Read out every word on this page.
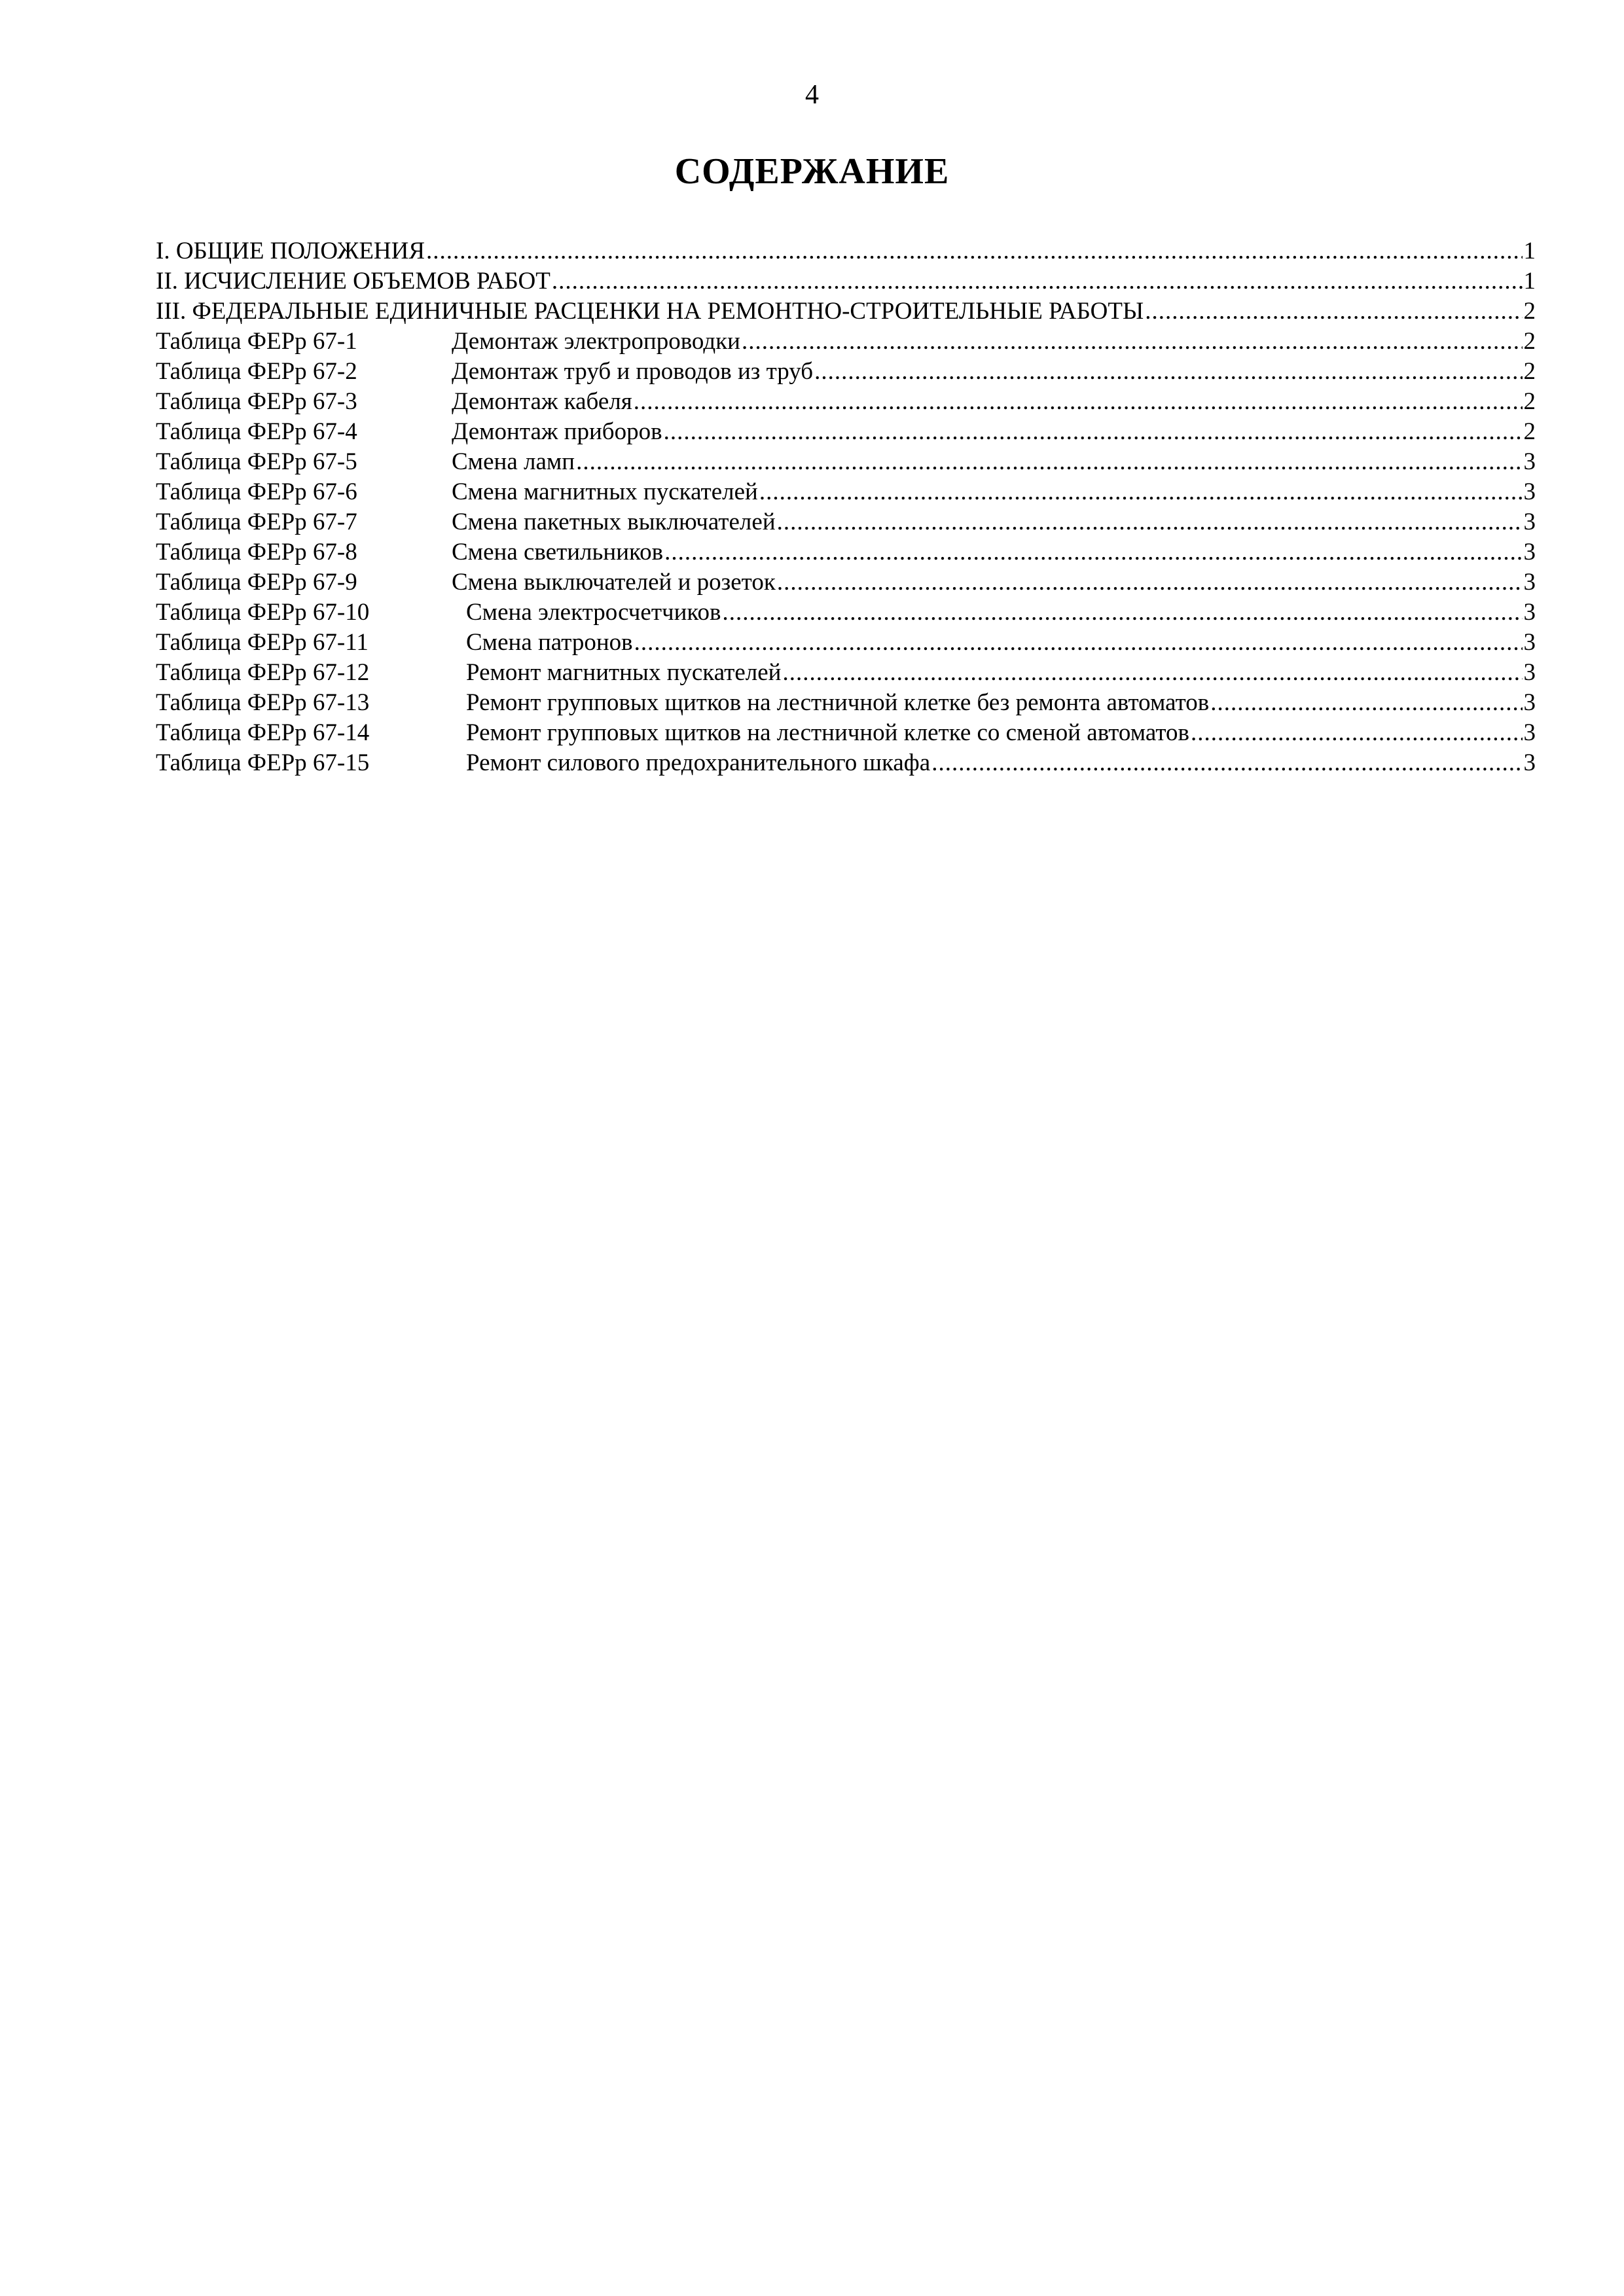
4
СОДЕРЖАНИЕ
I. ОБЩИЕ ПОЛОЖЕНИЯ .....	1
II. ИСЧИСЛЕНИЕ ОБЪЕМОВ РАБОТ .....	1
III. ФЕДЕРАЛЬНЫЕ ЕДИНИЧНЫЕ РАСЦЕНКИ НА РЕМОНТНО-СТРОИТЕЛЬНЫЕ РАБОТЫ .....	2
Таблица ФЕРр 67-1	Демонтаж электропроводки .....	2
Таблица ФЕРр 67-2	Демонтаж труб и проводов из труб .....	2
Таблица ФЕРр 67-3	Демонтаж кабеля .....	2
Таблица ФЕРр 67-4	Демонтаж приборов .....	2
Таблица ФЕРр 67-5	Смена ламп .....	3
Таблица ФЕРр 67-6	Смена магнитных пускателей .....	3
Таблица ФЕРр 67-7	Смена пакетных выключателей .....	3
Таблица ФЕРр 67-8	Смена светильников .....	3
Таблица ФЕРр 67-9	Смена выключателей и розеток .....	3
Таблица ФЕРр 67-10	Смена электросчетчиков .....	3
Таблица ФЕРр 67-11	Смена патронов .....	3
Таблица ФЕРр 67-12	Ремонт магнитных пускателей .....	3
Таблица ФЕРр 67-13	Ремонт групповых щитков на лестничной клетке без ремонта автоматов .....	3
Таблица ФЕРр 67-14	Ремонт групповых щитков на лестничной клетке со сменой автоматов .....	3
Таблица ФЕРр 67-15	Ремонт силового предохранительного шкафа .....	3
